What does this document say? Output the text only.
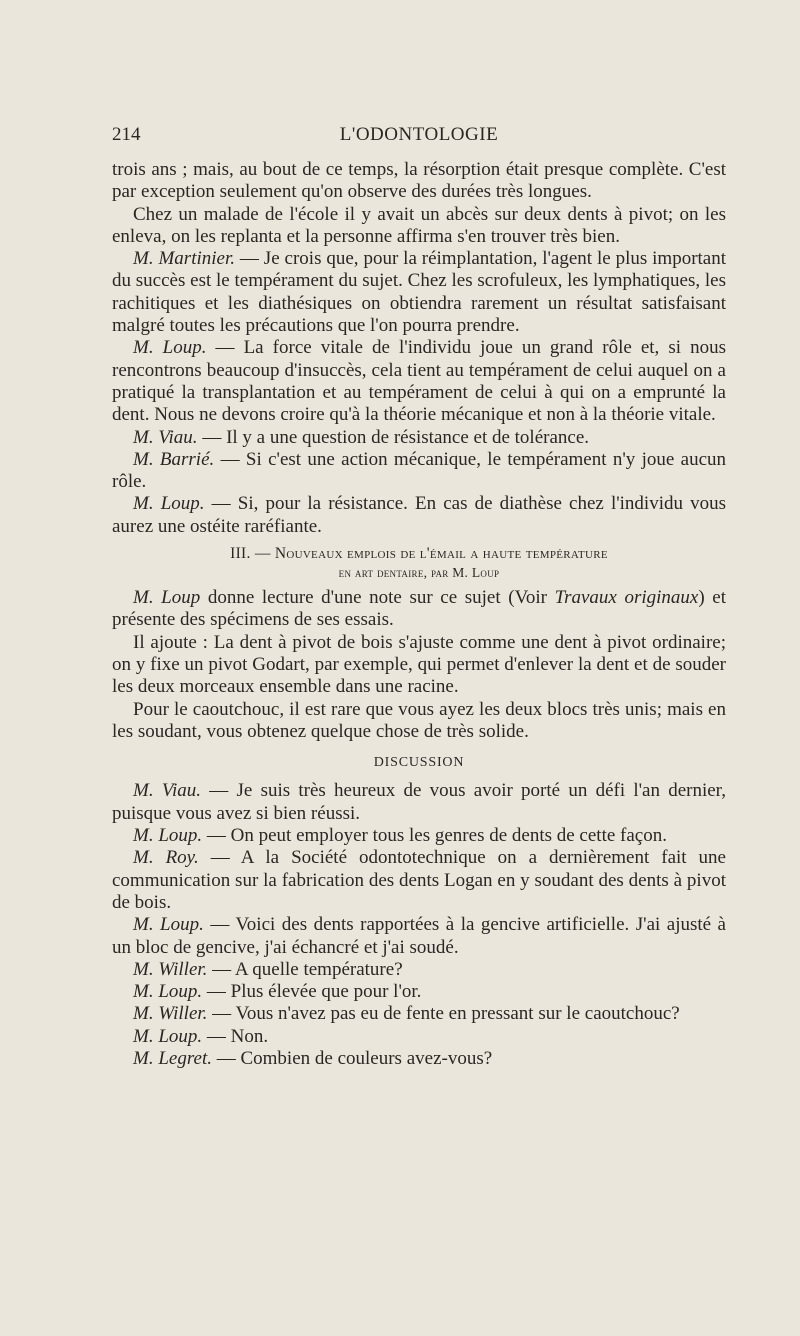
214	L'ODONTOLOGIE

trois ans ; mais, au bout de ce temps, la résorption était presque complète. C'est par exception seulement qu'on observe des durées très longues.

Chez un malade de l'école il y avait un abcès sur deux dents à pivot; on les enleva, on les replanta et la personne affirma s'en trouver très bien.

M. Martinier. — Je crois que, pour la réimplantation, l'agent le plus important du succès est le tempérament du sujet. Chez les scrofuleux, les lymphatiques, les rachitiques et les diathésiques on obtiendra rarement un résultat satisfaisant malgré toutes les précautions que l'on pourra prendre.

M. Loup. — La force vitale de l'individu joue un grand rôle et, si nous rencontrons beaucoup d'insuccès, cela tient au tempérament de celui auquel on a pratiqué la transplantation et au tempérament de celui à qui on a emprunté la dent. Nous ne devons croire qu'à la théorie mécanique et non à la théorie vitale.

M. Viau. — Il y a une question de résistance et de tolérance.

M. Barrié. — Si c'est une action mécanique, le tempérament n'y joue aucun rôle.

M. Loup. — Si, pour la résistance. En cas de diathèse chez l'individu vous aurez une ostéite raréfiante.

III. — Nouveaux emplois de l'émail a haute température
en art dentaire, par M. Loup

M. Loup donne lecture d'une note sur ce sujet (Voir Travaux originaux) et présente des spécimens de ses essais.

Il ajoute : La dent à pivot de bois s'ajuste comme une dent à pivot ordinaire; on y fixe un pivot Godart, par exemple, qui permet d'enlever la dent et de souder les deux morceaux ensemble dans une racine.

Pour le caoutchouc, il est rare que vous ayez les deux blocs très unis; mais en les soudant, vous obtenez quelque chose de très solide.

DISCUSSION

M. Viau. — Je suis très heureux de vous avoir porté un défi l'an dernier, puisque vous avez si bien réussi.

M. Loup. — On peut employer tous les genres de dents de cette façon.

M. Roy. — A la Société odontotechnique on a dernièrement fait une communication sur la fabrication des dents Logan en y soudant des dents à pivot de bois.

M. Loup. — Voici des dents rapportées à la gencive artificielle. J'ai ajusté à un bloc de gencive, j'ai échancré et j'ai soudé.

M. Willer. — A quelle température?

M. Loup. — Plus élevée que pour l'or.

M. Willer. — Vous n'avez pas eu de fente en pressant sur le caoutchouc?

M. Loup. — Non.

M. Legret. — Combien de couleurs avez-vous?
